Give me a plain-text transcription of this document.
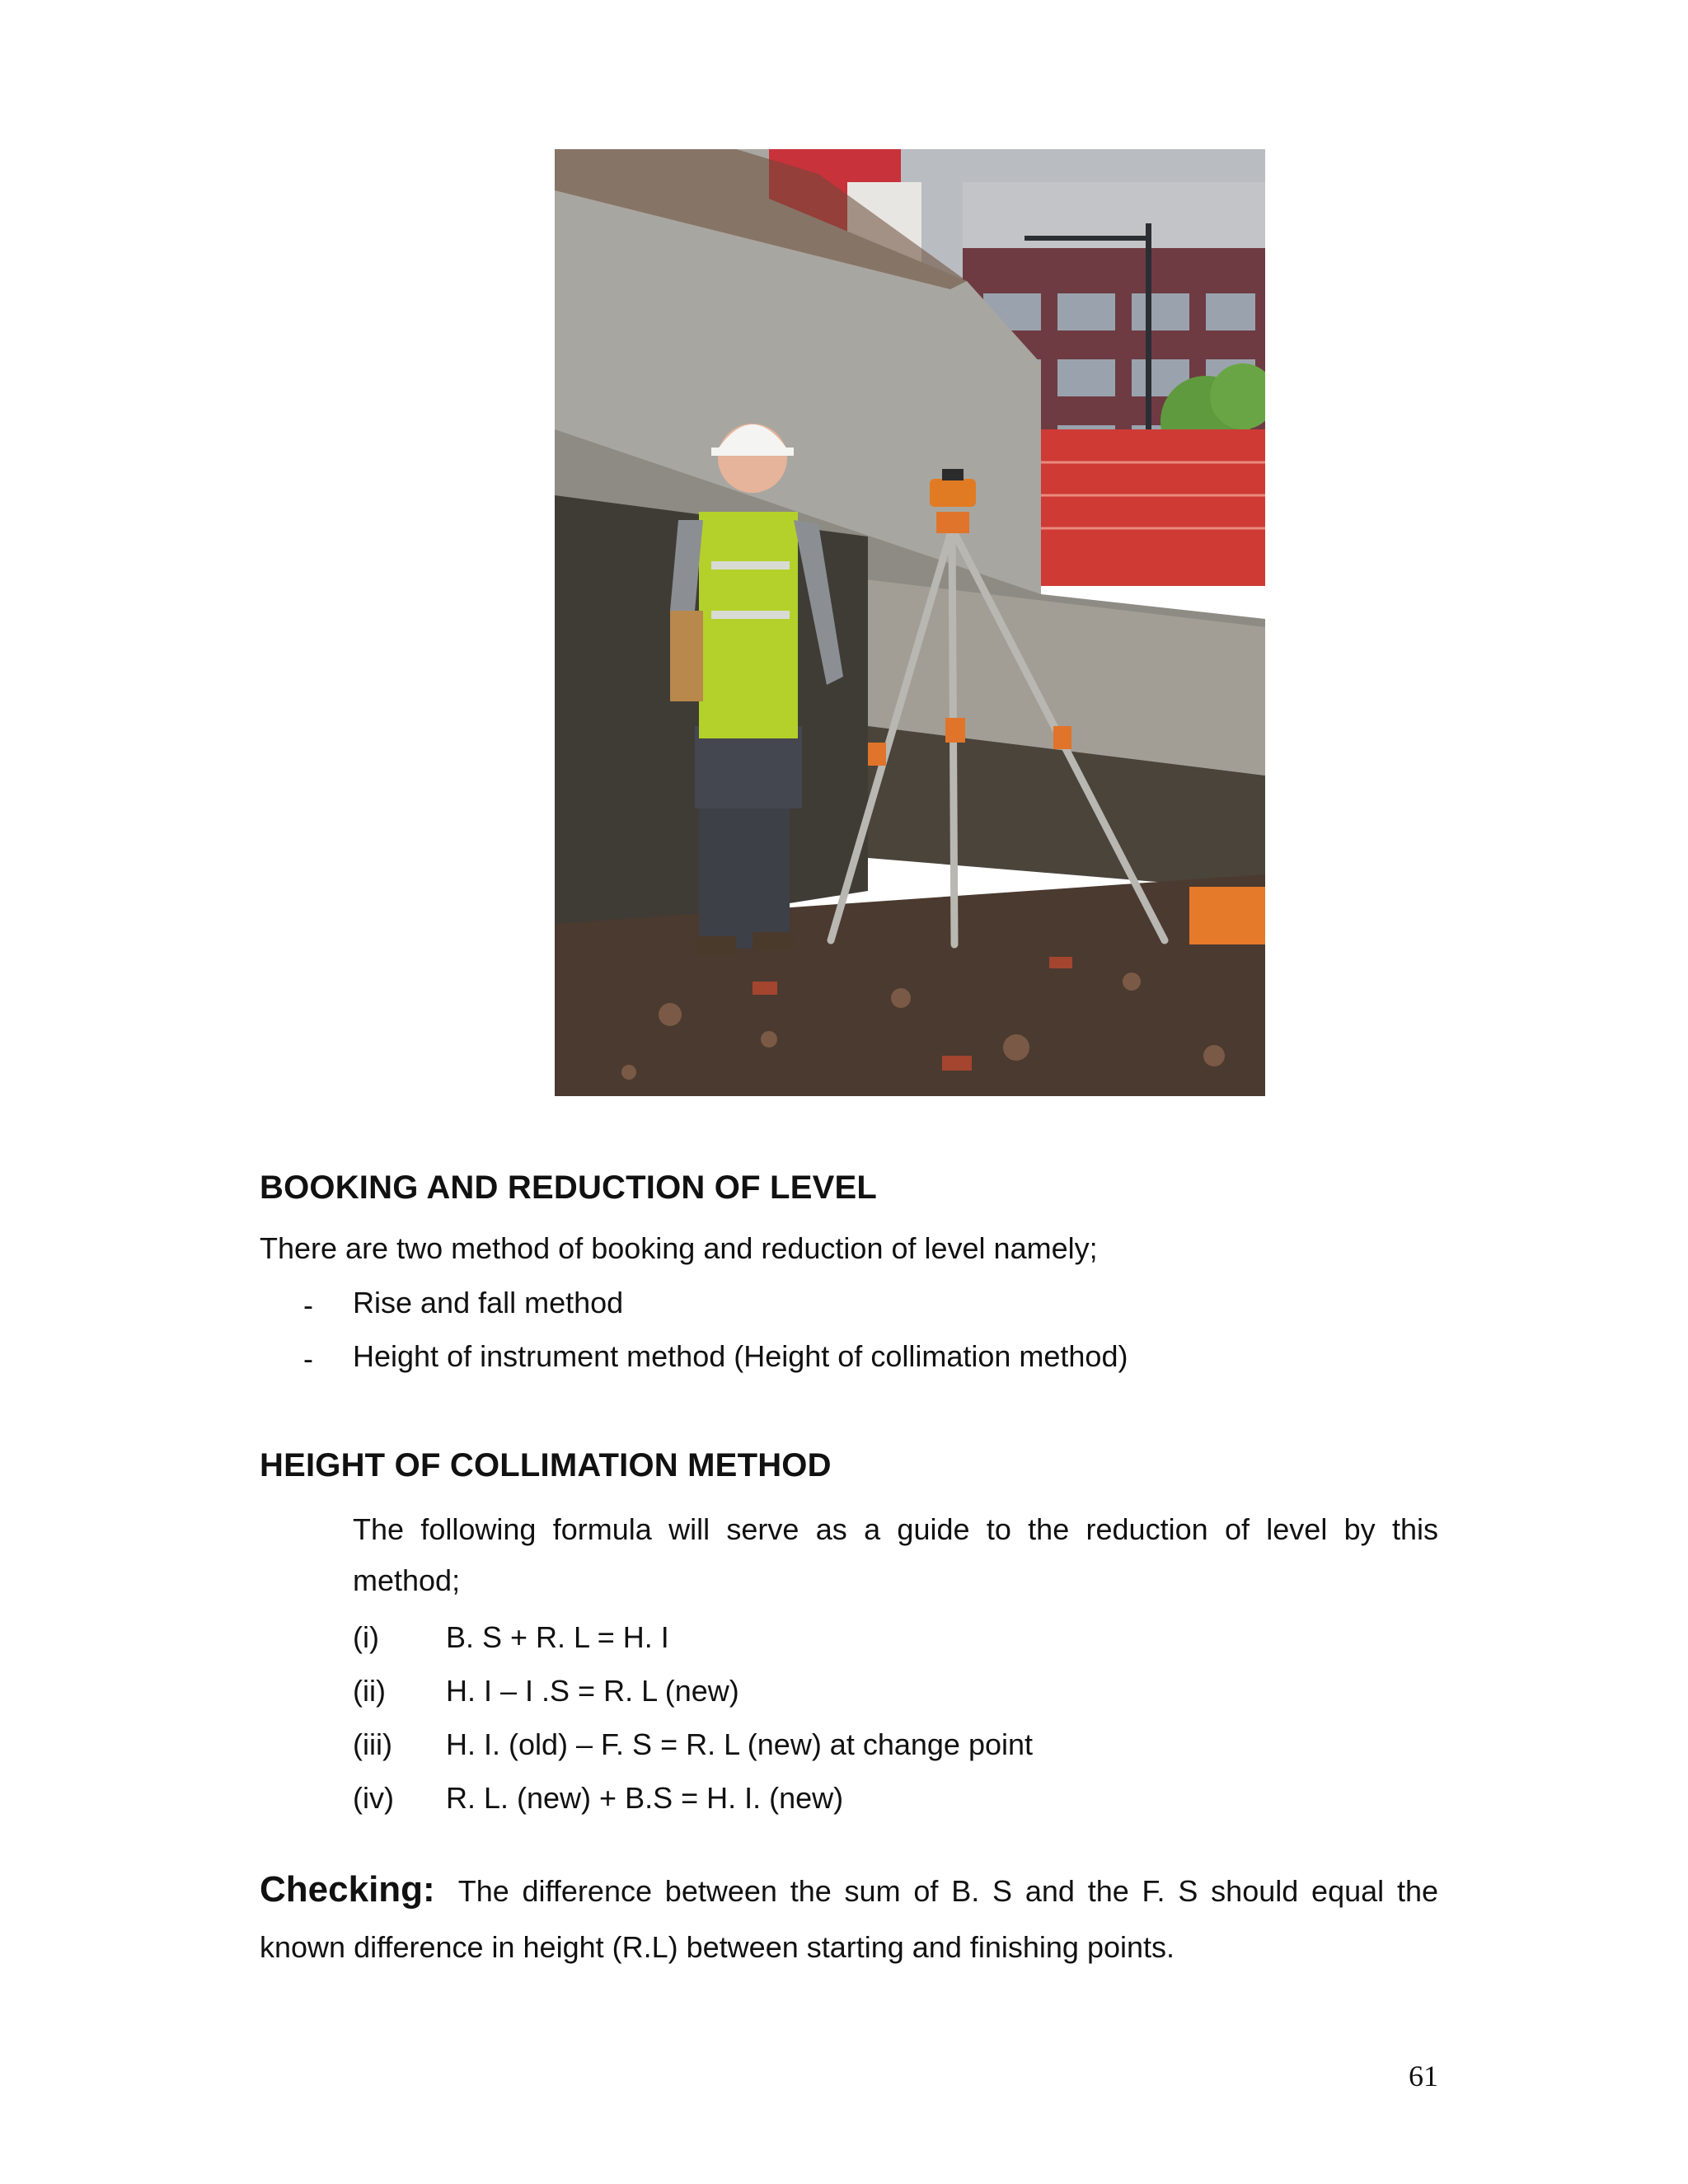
BOOKING AND REDUCTION OF LEVEL

There are two method of booking and reduction of level namely;

- Rise and fall method
- Height of instrument method (Height of collimation method)
HEIGHT OF COLLIMATION METHOD
The following formula will serve as a guide to the reduction of level by this
method;
(i) B. S + R. L = H. I
(ii) H. I – I .S = R. L (new)
(iii) H. I. (old) – F. S = R. L (new) at change point
(iv) R. L. (new) + B.S = H. I. (new)
Checking: The difference between the sum of B. S and the F. S should equal the
known difference in height (R.L) between starting and finishing points.
61
